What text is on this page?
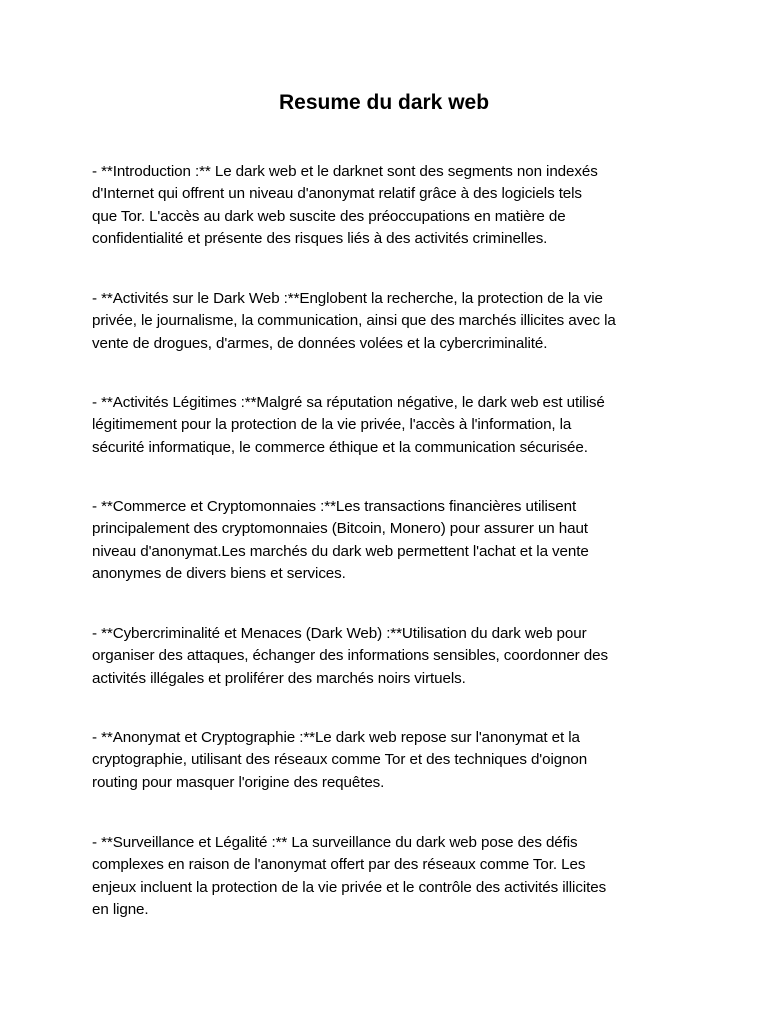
Resume du dark web

- **Introduction :** Le dark web et le darknet sont des segments non indexés
d'Internet qui offrent un niveau d'anonymat relatif grâce à des logiciels tels
que Tor. L'accès au dark web suscite des préoccupations en matière de
confidentialité et présente des risques liés à des activités criminelles.

- **Activités sur le Dark Web :**Englobent la recherche, la protection de la vie
privée, le journalisme, la communication, ainsi que des marchés illicites avec la
vente de drogues, d'armes, de données volées et la cybercriminalité.

- **Activités Légitimes :**Malgré sa réputation négative, le dark web est utilisé
légitimement pour la protection de la vie privée, l'accès à l'information, la
sécurité informatique, le commerce éthique et la communication sécurisée.

- **Commerce et Cryptomonnaies :**Les transactions financières utilisent
principalement des cryptomonnaies (Bitcoin, Monero) pour assurer un haut
niveau d'anonymat.Les marchés du dark web permettent l'achat et la vente
anonymes de divers biens et services.

- **Cybercriminalité et Menaces (Dark Web) :**Utilisation du dark web pour
organiser des attaques, échanger des informations sensibles, coordonner des
activités illégales et proliférer des marchés noirs virtuels.

- **Anonymat et Cryptographie :**Le dark web repose sur l'anonymat et la
cryptographie, utilisant des réseaux comme Tor et des techniques d'oignon
routing pour masquer l'origine des requêtes.

- **Surveillance et Légalité :** La surveillance du dark web pose des défis
complexes en raison de l'anonymat offert par des réseaux comme Tor. Les
enjeux incluent la protection de la vie privée et le contrôle des activités illicites
en ligne.
